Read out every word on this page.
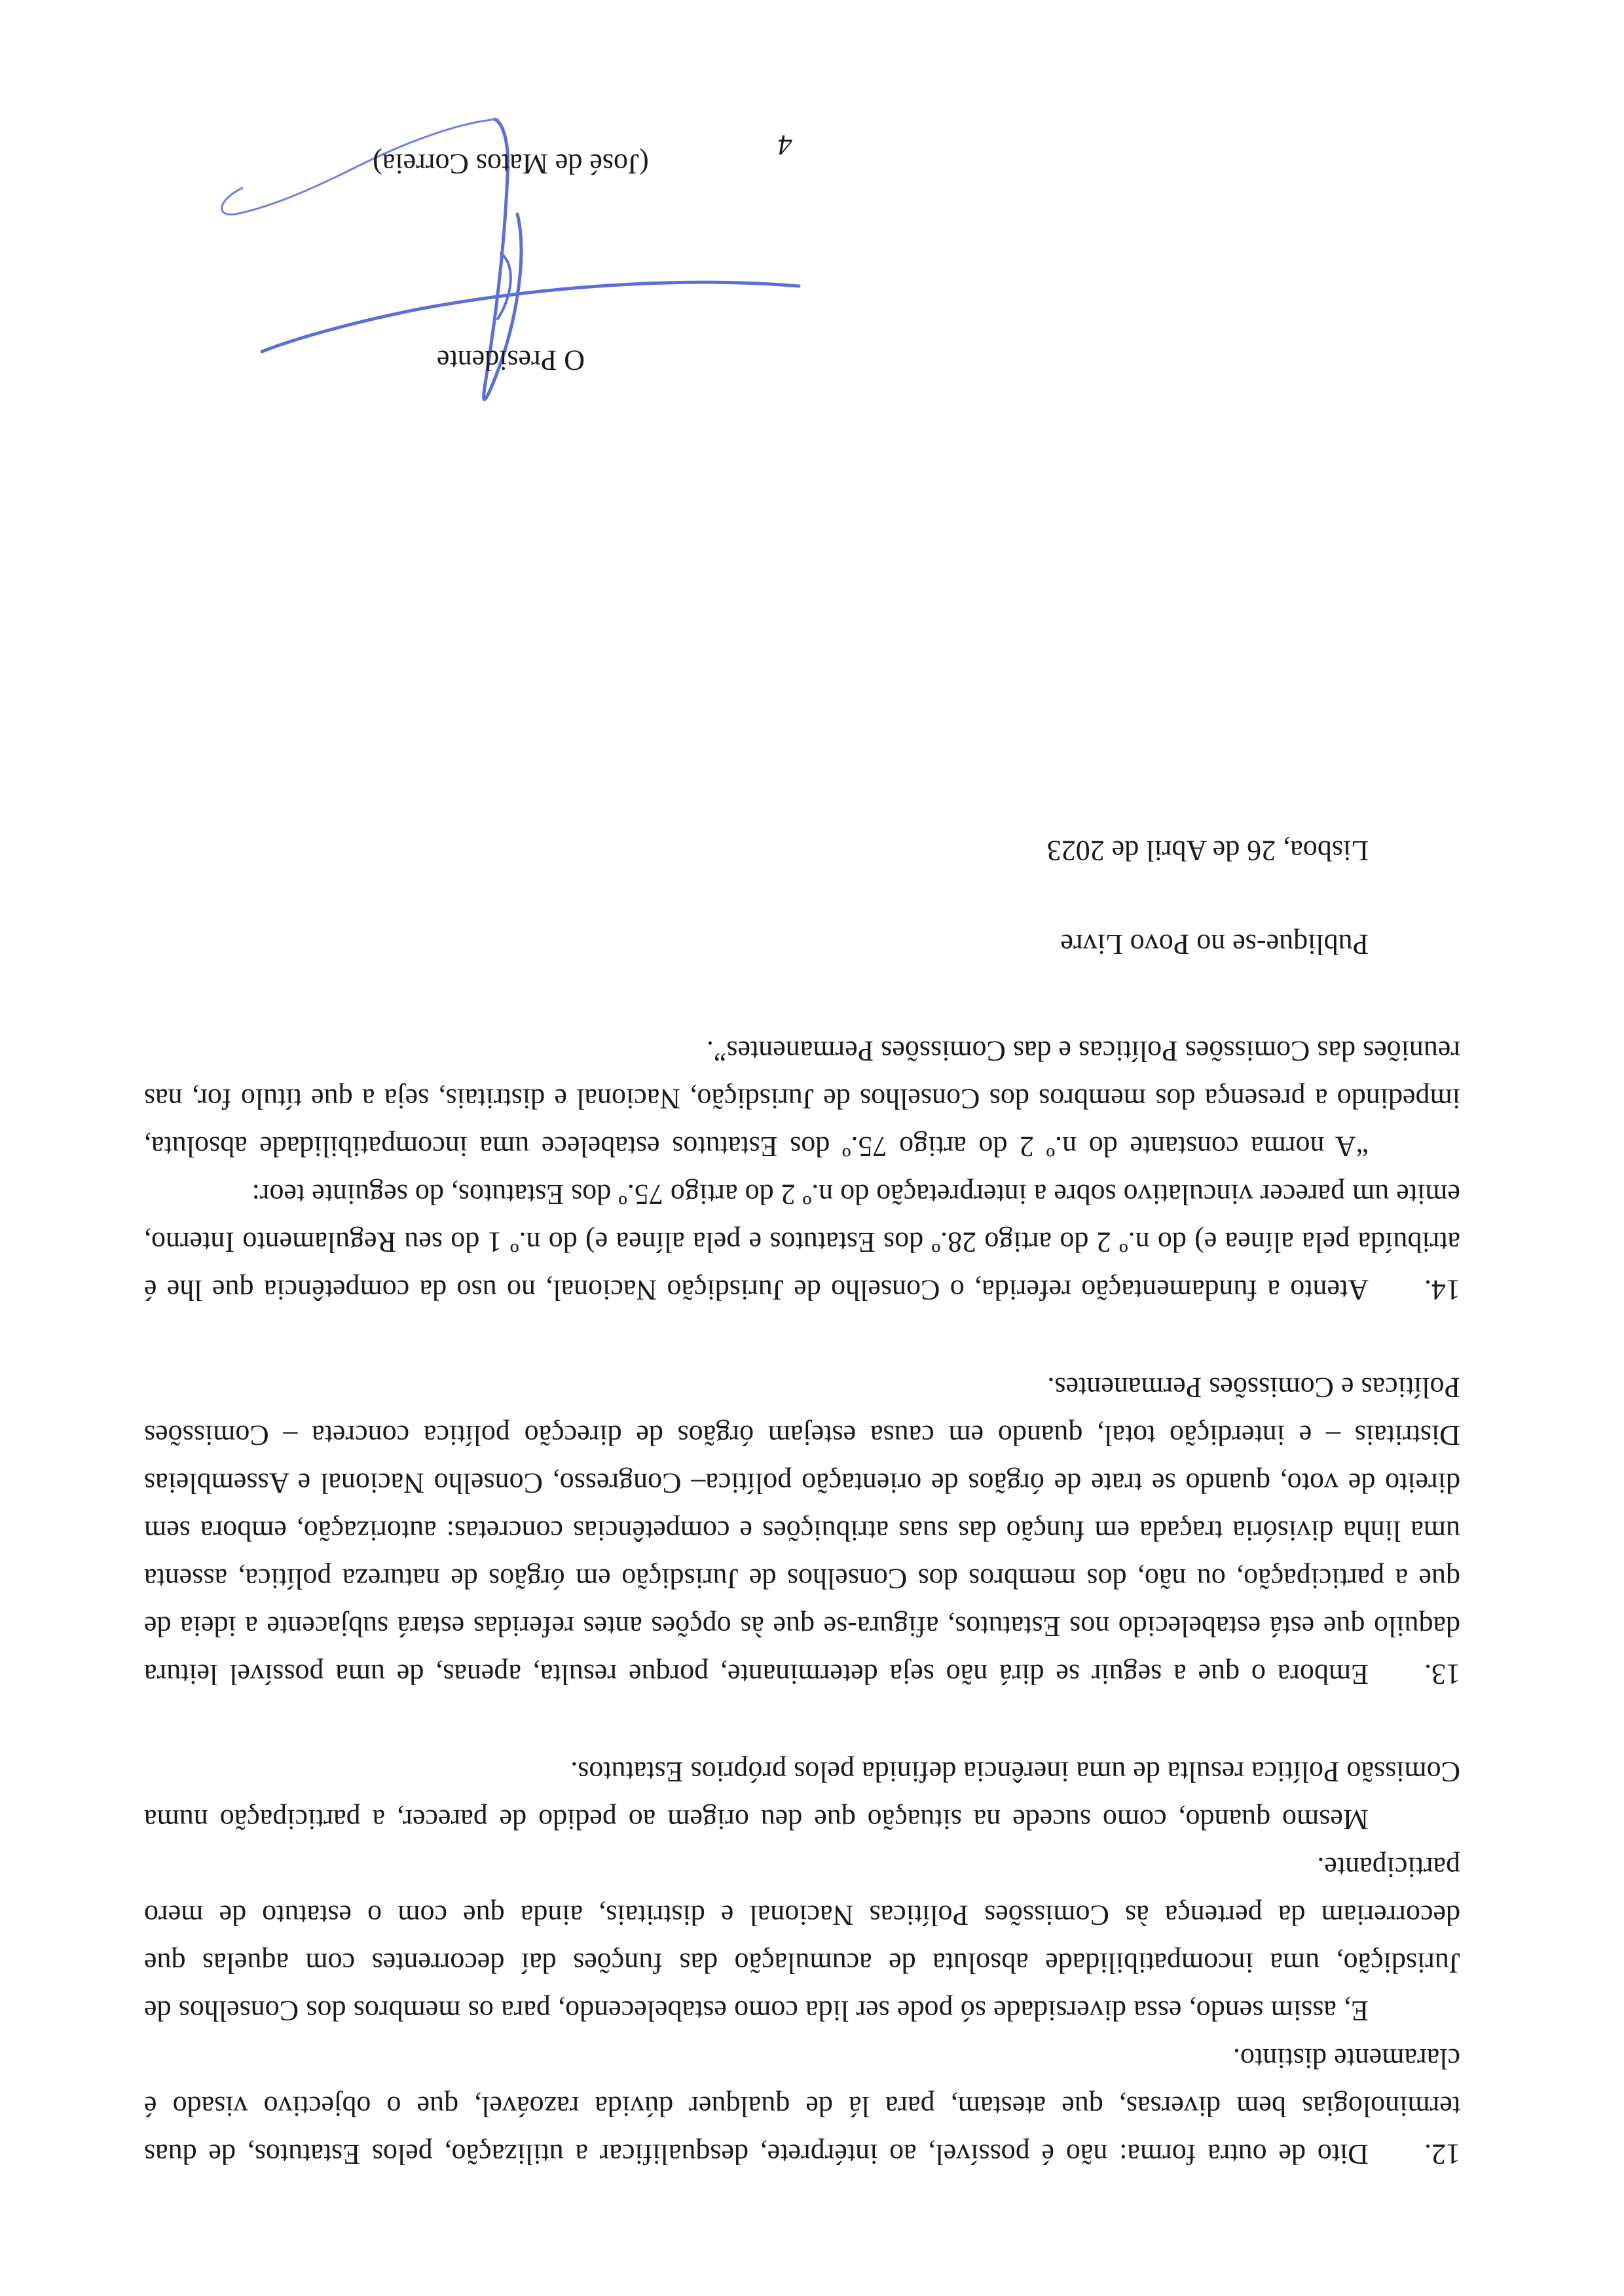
12.Dito de outra forma: não é possível, ao intérprete, desqualificar a utilização, pelos Estatutos, de duas terminologias bem diversas, que atestam, para lá de qualquer dúvida razoável, que o objectivo visado é claramente distinto.

E, assim sendo, essa diversidade só pode ser lida como estabelecendo, para os membros dos Conselhos de Jurisdição, uma incompatibilidade absoluta de acumulação das funções daí decorrentes com aquelas que decorreriam da pertença às Comissões Políticas Nacional e distritais, ainda que com o estatuto de mero participante.

Mesmo quando, como sucede na situação que deu origem ao pedido de parecer, a participação numa Comissão Política resulta de uma inerência definida pelos próprios Estatutos.

13.Embora o que a seguir se dirá não seja determinante, porque resulta, apenas, de uma possível leitura daquilo que está estabelecido nos Estatutos, afigura-se que às opções antes referidas estará subjacente a ideia de que a participação, ou não, dos membros dos Conselhos de Jurisdição em órgãos de natureza política, assenta uma linha divisória traçada em função das suas atribuições e competências concretas: autorização, embora sem direito de voto, quando se trate de órgãos de orientação política– Congresso, Conselho Nacional e Assembleias Distritais – e interdição total, quando em causa estejam órgãos de direcção política concreta – Comissões Políticas e Comissões Permanentes.

14.Atento a fundamentação referida, o Conselho de Jurisdição Nacional, no uso da competência que lhe é atribuída pela alínea e) do n.º 2 do artigo 28.º dos Estatutos e pela alínea e) do n.º 1 do seu Regulamento Interno, emite um parecer vinculativo sobre a interpretação do n.º 2 do artigo 75.º dos Estatutos, do seguinte teor:

“A norma constante do n.º 2 do artigo 75.º dos Estatutos estabelece uma incompatibilidade absoluta, impedindo a presença dos membros dos Conselhos de Jurisdição, Nacional e distritais, seja a que título for, nas reuniões das Comissões Políticas e das Comissões Permanentes”.

Publique-se no Povo Livre

Lisboa, 26 de Abril de 2023

O Presidente
(José de Matos Correia)
4
